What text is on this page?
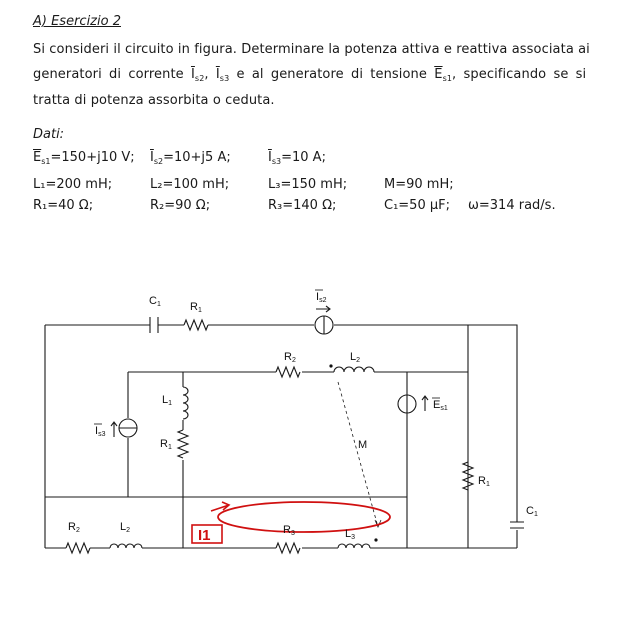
A) Esercizio 2
Si consideri il circuito in figura. Determinare la potenza attiva e reattiva associata ai
generatori di corrente $\overline{I}_{s2}$, $\overline{I}_{s3}$ e al generatore di tensione $\overline{E}_{s1}$, specificando se si
tratta di potenza assorbita o ceduta.
Dati:
$\overline{E}_{s1}=150+j10$ V; $\overline{I}_{s2}=10+j5$ A;	$\overline{I}_{s3}=10$ A;
L₁=200 mH;	L₂=100 mH;	L₃=150 mH;	M=90 mH;
R₁=40 Ω;	R₂=90 Ω;	R₃=140 Ω;	C₁=50 μF; ω=314 rad/s.
I1
C1	R1
Is2
R2	L2
L1
R1
Is3
Es1
M
R1
C1
R2	L2	R3	L3
